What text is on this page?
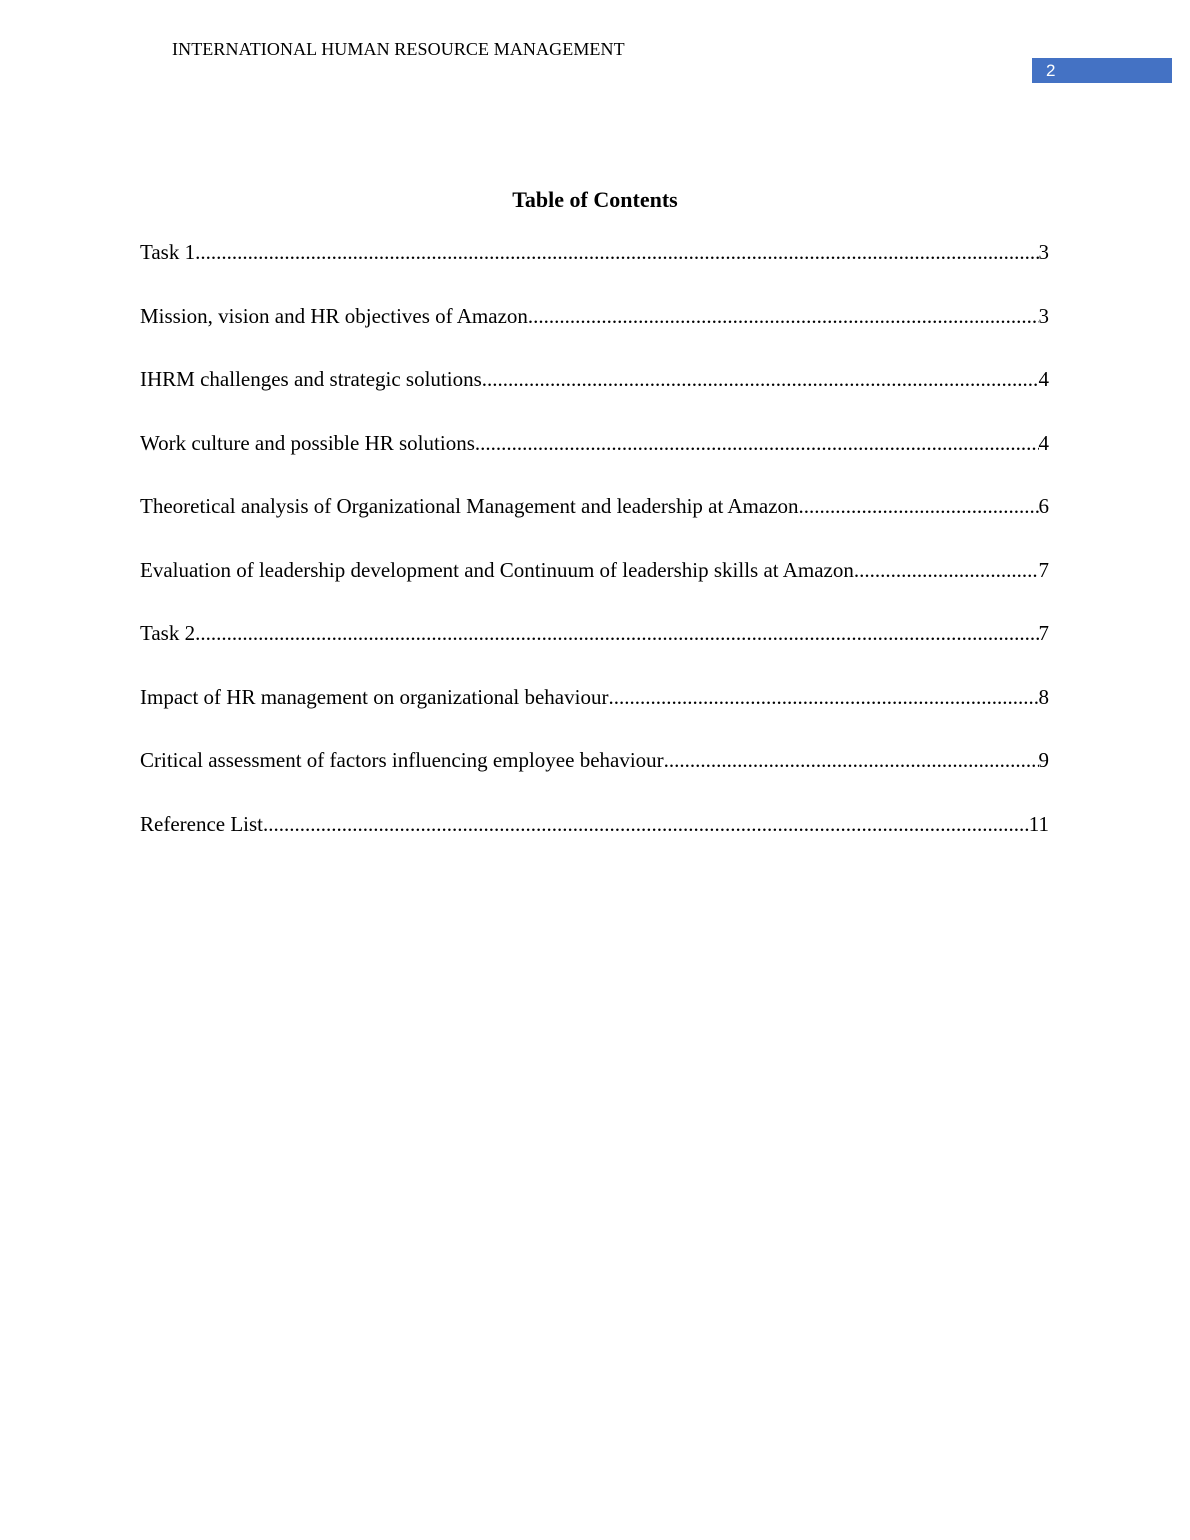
INTERNATIONAL HUMAN RESOURCE MANAGEMENT
2
Table of Contents
Task 1 .....	3
Mission, vision and HR objectives of Amazon .....	3
IHRM challenges and strategic solutions .....	4
Work culture and possible HR solutions .....	4
Theoretical analysis of Organizational Management and leadership at Amazon .....	6
Evaluation of leadership development and Continuum of leadership skills at Amazon .....	7
Task 2 .....	7
Impact of HR management on organizational behaviour .....	8
Critical assessment of factors influencing employee behaviour .....	9
Reference List .....	11
